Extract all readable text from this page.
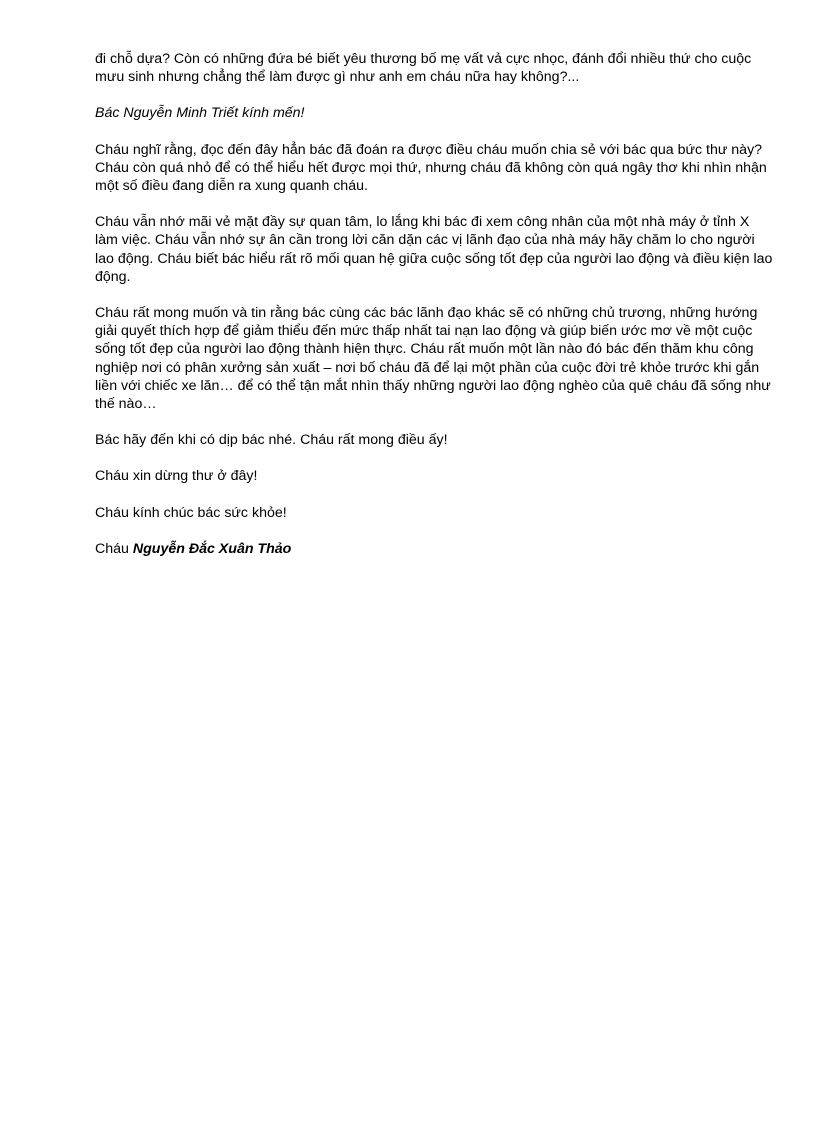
đi chỗ dựa? Còn có những đứa bé biết yêu thương bố mẹ vất vả cực nhọc, đánh đổi nhiều thứ cho cuộc mưu sinh nhưng chẳng thể làm được gì như anh em cháu nữa hay không?...

Bác Nguyễn Minh Triết kính mến!

Cháu nghĩ rằng, đọc đến đây hẳn bác đã đoán ra được điều cháu muốn chia sẻ với bác qua bức thư này? Cháu còn quá nhỏ để có thể hiểu hết được mọi thứ, nhưng cháu đã không còn quá ngây thơ khi nhìn nhận một số điều đang diễn ra xung quanh cháu.

Cháu vẫn nhớ mãi vẻ mặt đầy sự quan tâm, lo lắng khi bác đi xem công nhân của một nhà máy ở tỉnh X làm việc. Cháu vẫn nhớ sự ân cần trong lời căn dặn các vị lãnh đạo của nhà máy hãy chăm lo cho người lao động. Cháu biết bác hiểu rất rõ mối quan hệ giữa cuộc sống tốt đẹp của người lao động và điều kiện lao động.

Cháu rất mong muốn và tin rằng bác cùng các bác lãnh đạo khác sẽ có những chủ trương, những hướng giải quyết thích hợp để giảm thiểu đến mức thấp nhất tai nạn lao động và giúp biến ước mơ về một cuộc sống tốt đẹp của người lao động thành hiện thực. Cháu rất muốn một lần nào đó bác đến thăm khu công nghiệp nơi có phân xưởng sản xuất – nơi bố cháu đã để lại một phần của cuộc đời trẻ khỏe trước khi gắn liền với chiếc xe lăn… để có thể tận mắt nhìn thấy những người lao động nghèo của quê cháu đã sống như thế nào…

Bác hãy đến khi có dịp bác nhé. Cháu rất mong điều ấy!

Cháu xin dừng thư ở đây!

Cháu kính chúc bác sức khỏe!

Cháu Nguyễn Đắc Xuân Thảo
